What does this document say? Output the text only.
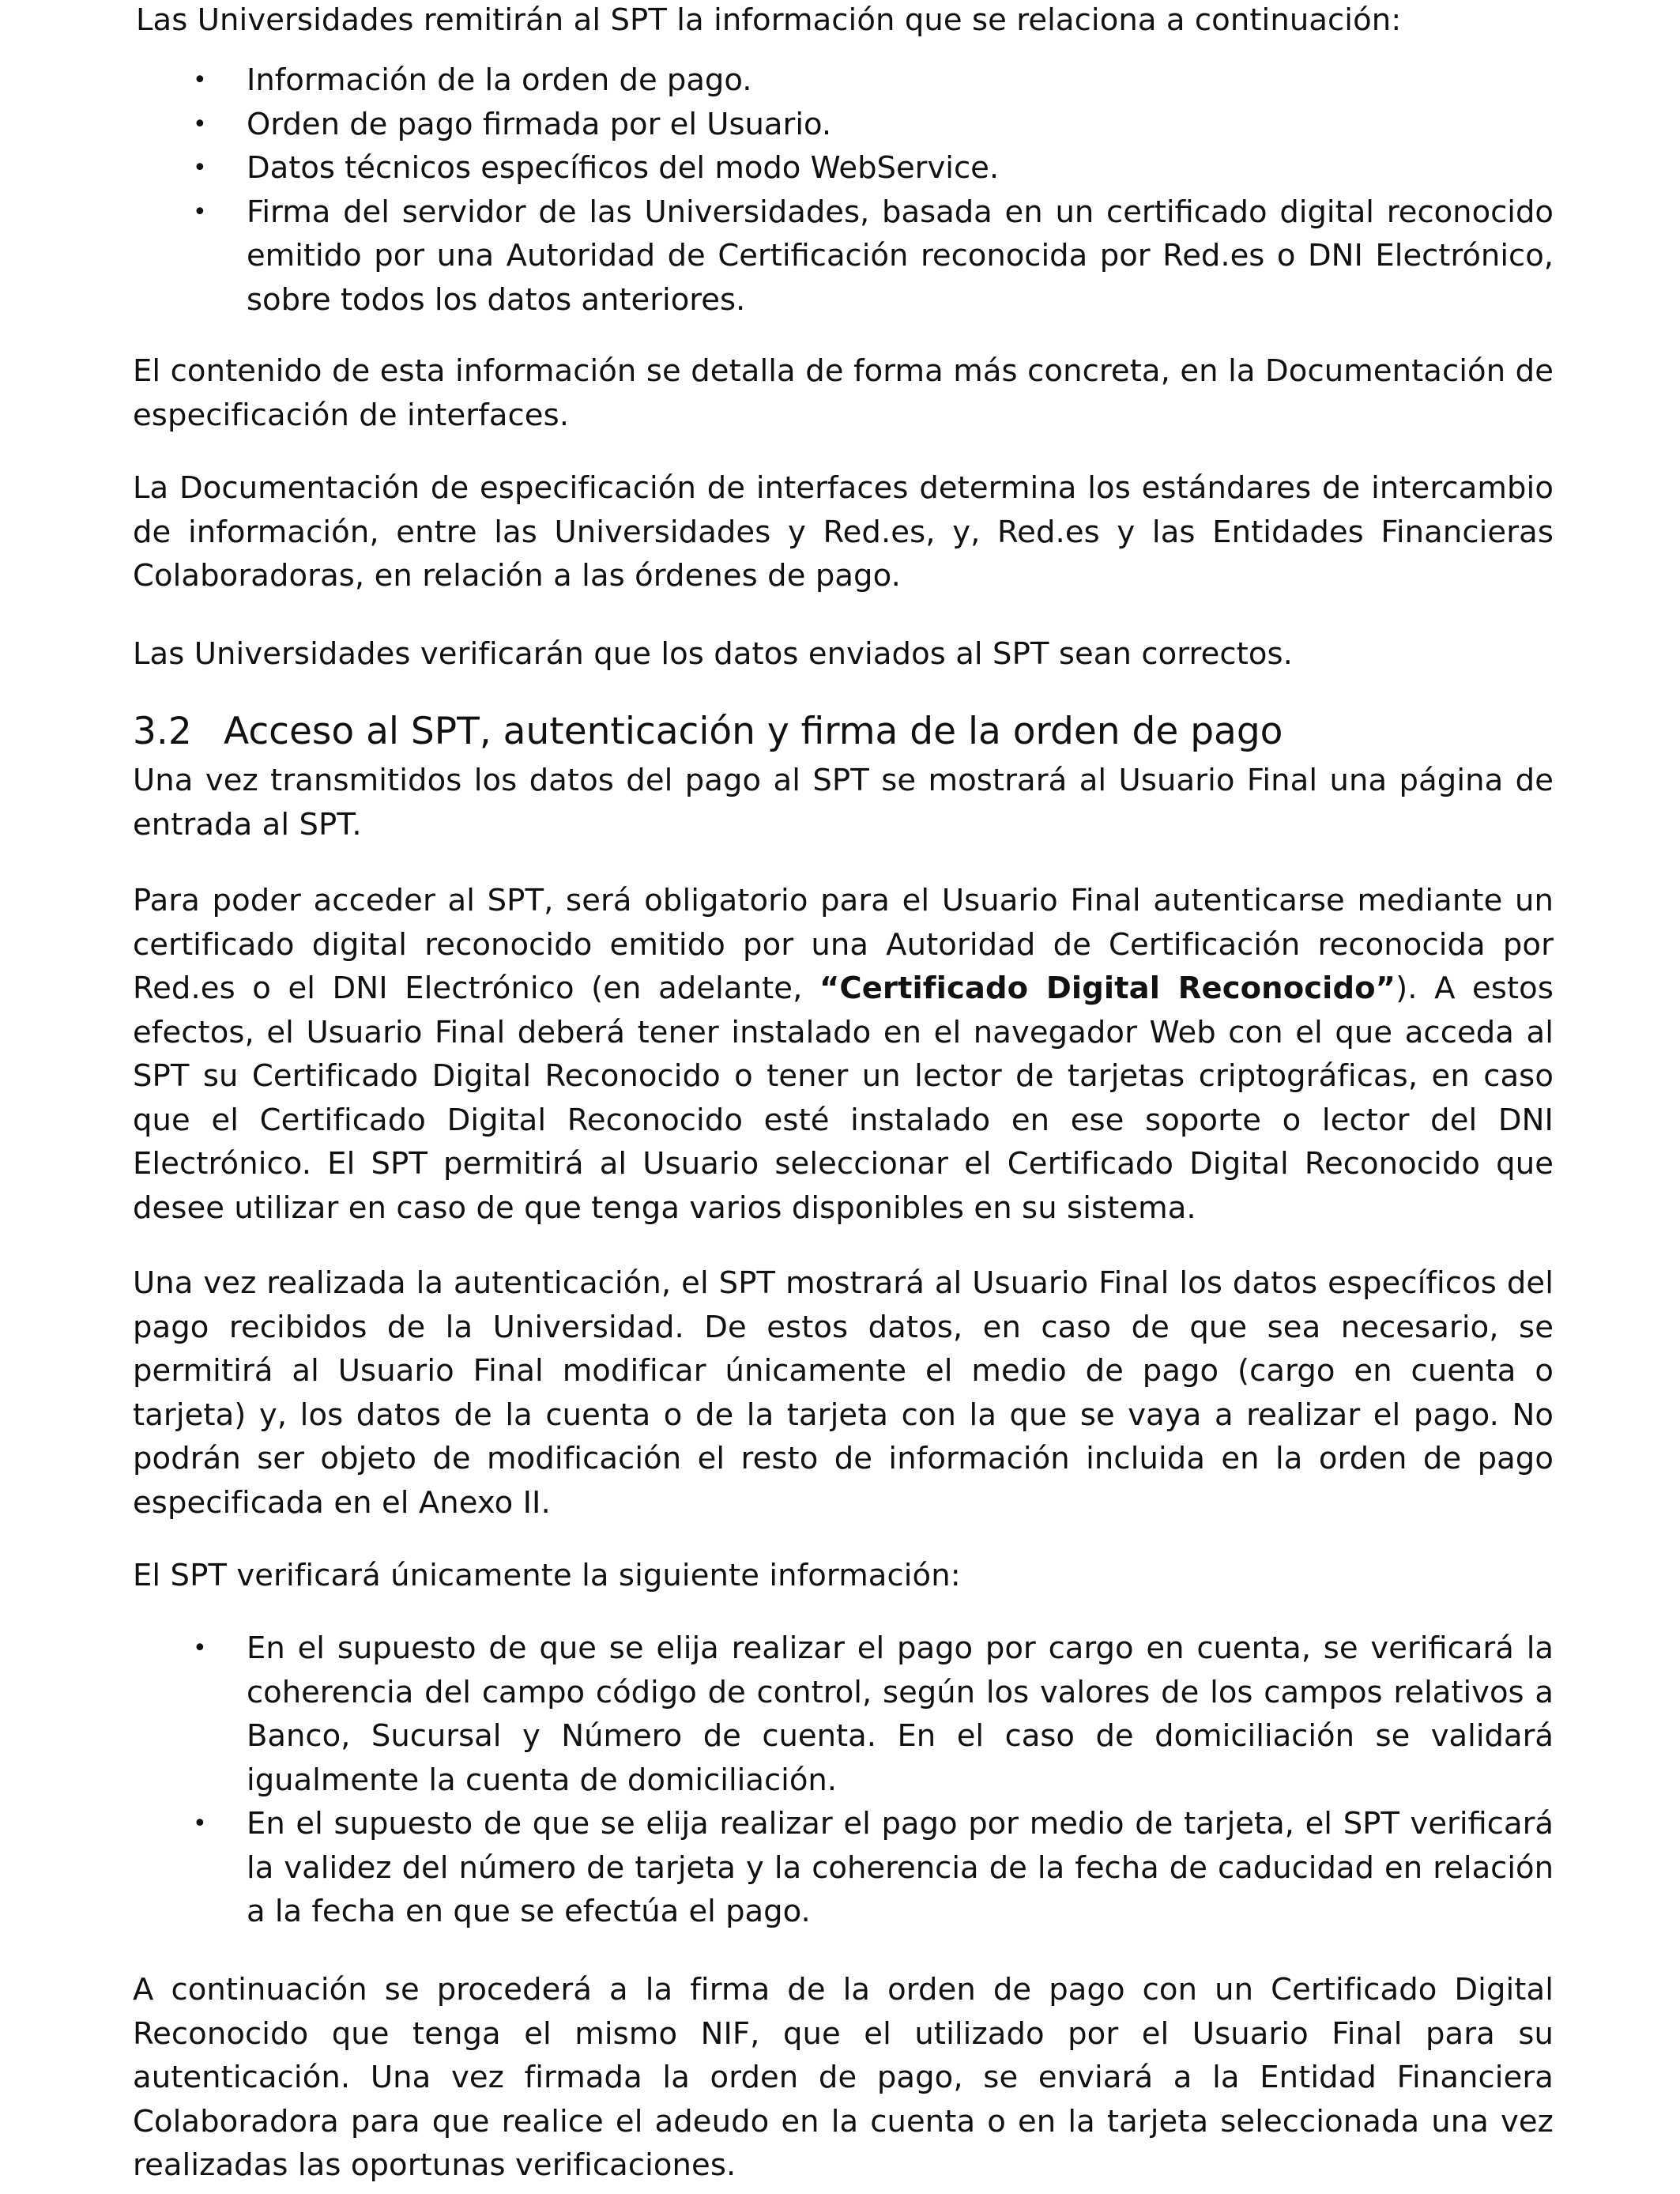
Las Universidades remitirán al SPT la información que se relaciona a continuación:

• Información de la orden de pago.
• Orden de pago firmada por el Usuario.
• Datos técnicos específicos del modo WebService.
• Firma del servidor de las Universidades, basada en un certificado digital reconocido emitido por una Autoridad de Certificación reconocida por Red.es o DNI Electrónico, sobre todos los datos anteriores.

El contenido de esta información se detalla de forma más concreta, en la Documentación de especificación de interfaces.

La Documentación de especificación de interfaces determina los estándares de intercambio de información, entre las Universidades y Red.es, y, Red.es y las Entidades Financieras Colaboradoras, en relación a las órdenes de pago.

Las Universidades verificarán que los datos enviados al SPT sean correctos.

3.2 Acceso al SPT, autenticación y firma de la orden de pago

Una vez transmitidos los datos del pago al SPT se mostrará al Usuario Final una página de entrada al SPT.

Para poder acceder al SPT, será obligatorio para el Usuario Final autenticarse mediante un certificado digital reconocido emitido por una Autoridad de Certificación reconocida por Red.es o el DNI Electrónico (en adelante, “Certificado Digital Reconocido”). A estos efectos, el Usuario Final deberá tener instalado en el navegador Web con el que acceda al SPT su Certificado Digital Reconocido o tener un lector de tarjetas criptográficas, en caso que el Certificado Digital Reconocido esté instalado en ese soporte o lector del DNI Electrónico. El SPT permitirá al Usuario seleccionar el Certificado Digital Reconocido que desee utilizar en caso de que tenga varios disponibles en su sistema.

Una vez realizada la autenticación, el SPT mostrará al Usuario Final los datos específicos del pago recibidos de la Universidad. De estos datos, en caso de que sea necesario, se permitirá al Usuario Final modificar únicamente el medio de pago (cargo en cuenta o tarjeta) y, los datos de la cuenta o de la tarjeta con la que se vaya a realizar el pago. No podrán ser objeto de modificación el resto de información incluida en la orden de pago especificada en el Anexo II.

El SPT verificará únicamente la siguiente información:

• En el supuesto de que se elija realizar el pago por cargo en cuenta, se verificará la coherencia del campo código de control, según los valores de los campos relativos a Banco, Sucursal y Número de cuenta. En el caso de domiciliación se validará igualmente la cuenta de domiciliación.
• En el supuesto de que se elija realizar el pago por medio de tarjeta, el SPT verificará la validez del número de tarjeta y la coherencia de la fecha de caducidad en relación a la fecha en que se efectúa el pago.

A continuación se procederá a la firma de la orden de pago con un Certificado Digital Reconocido que tenga el mismo NIF, que el utilizado por el Usuario Final para su autenticación. Una vez firmada la orden de pago, se enviará a la Entidad Financiera Colaboradora para que realice el adeudo en la cuenta o en la tarjeta seleccionada una vez realizadas las oportunas verificaciones.
